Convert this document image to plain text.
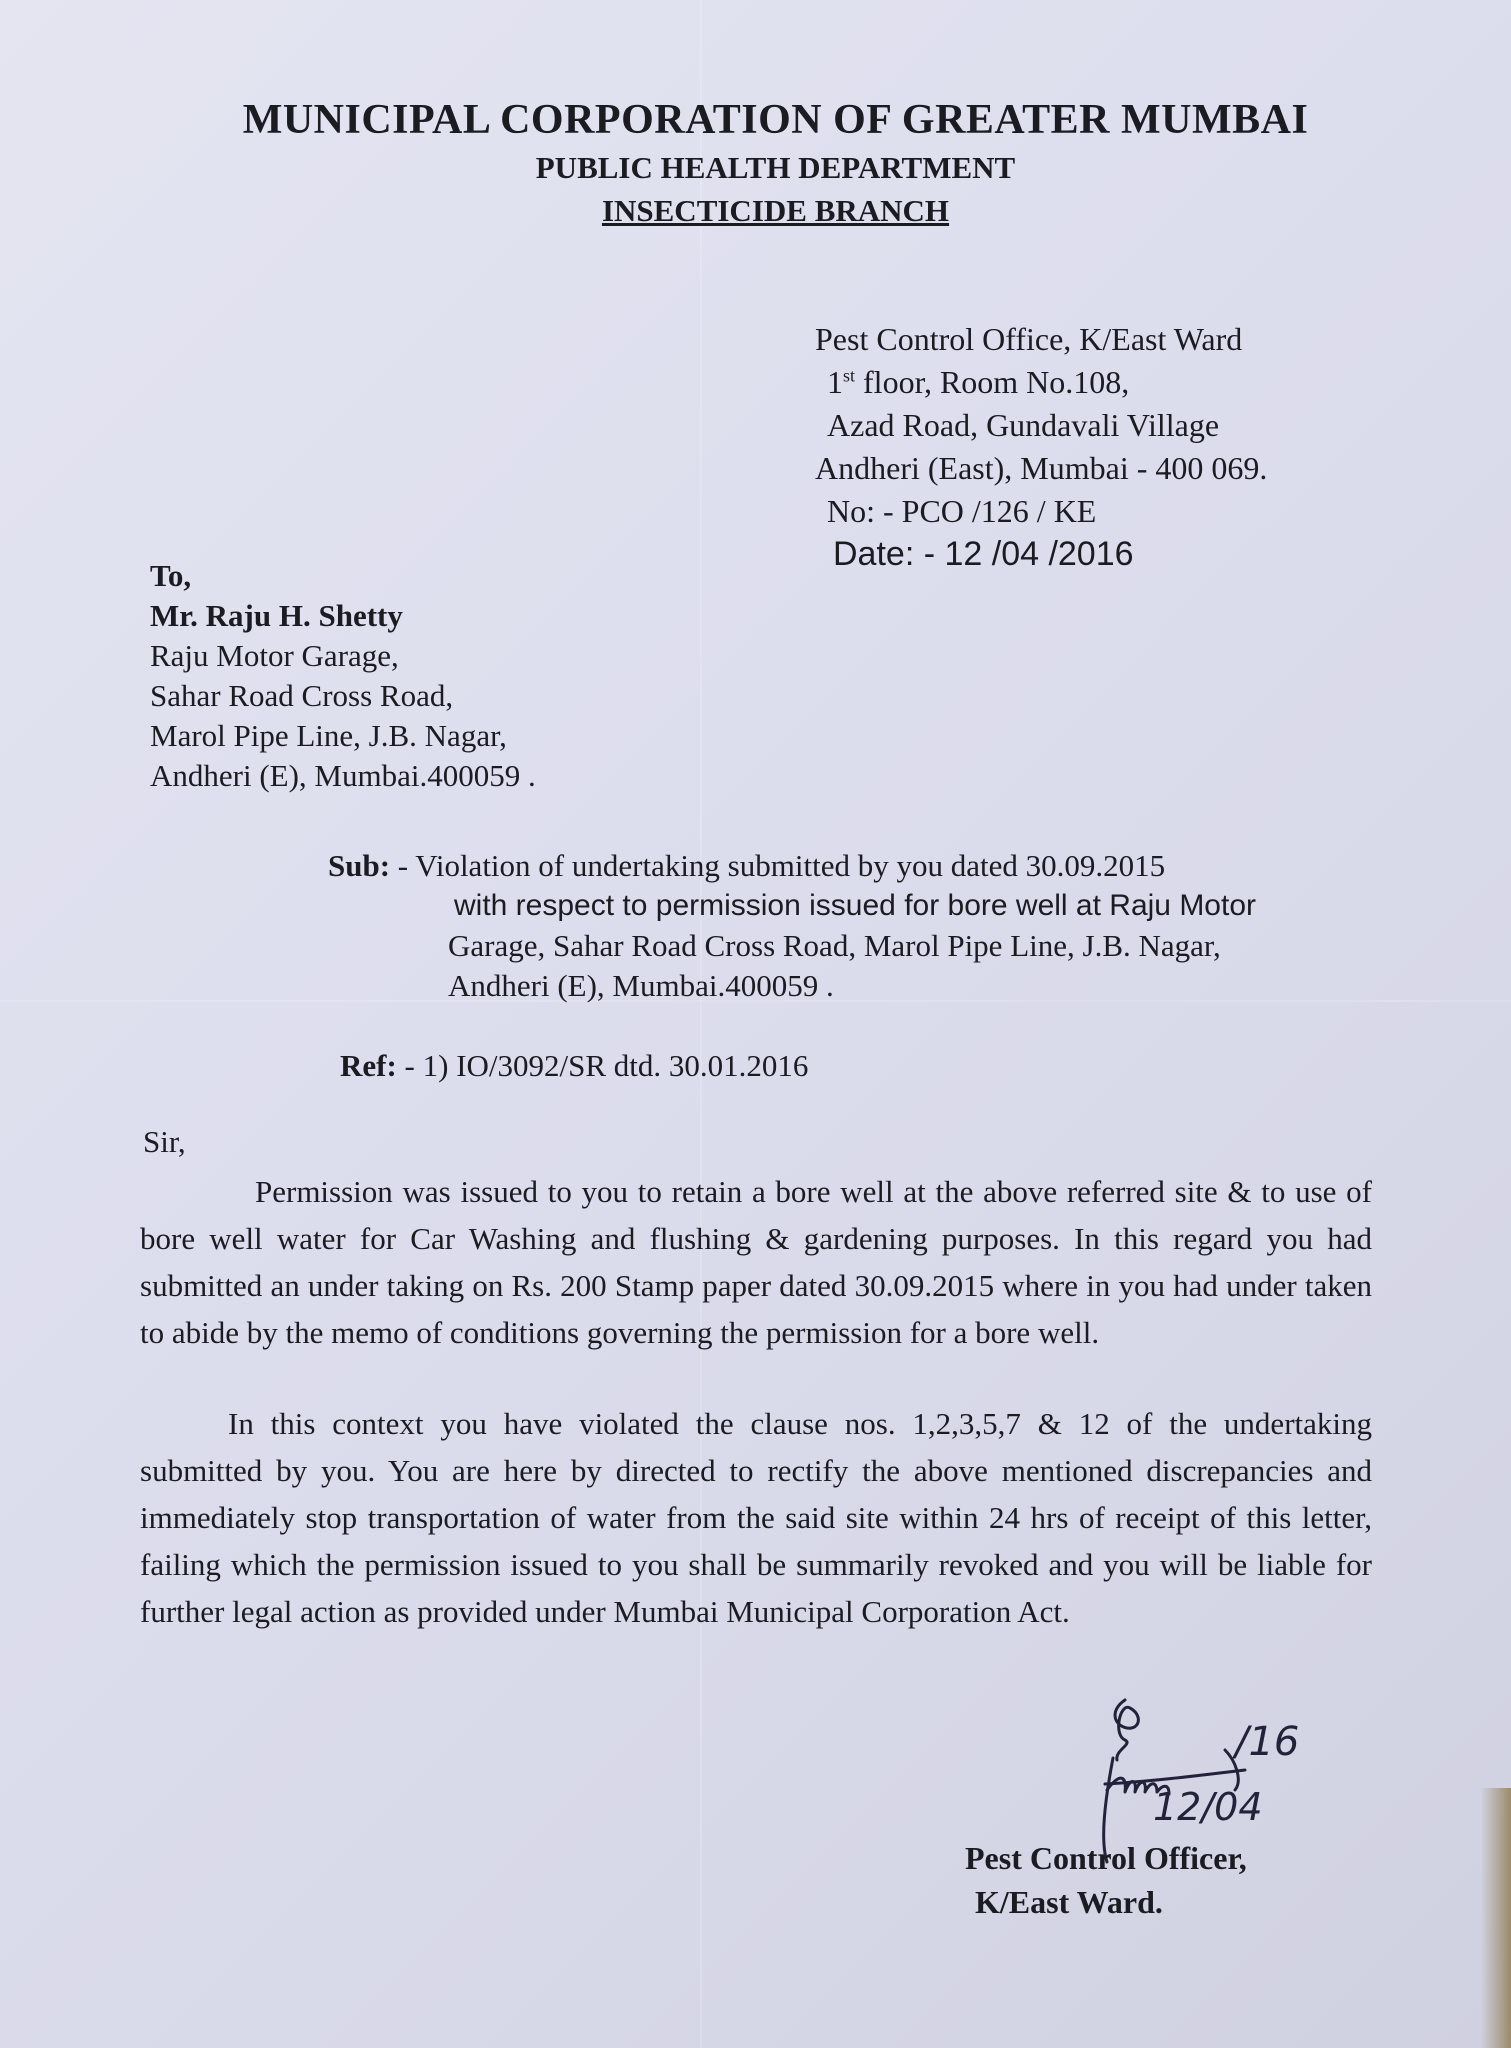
MUNICIPAL CORPORATION OF GREATER MUMBAI
PUBLIC HEALTH DEPARTMENT
INSECTICIDE BRANCH
Pest Control Office, K/East Ward
1st floor, Room No.108,
Azad Road, Gundavali Village
Andheri (East), Mumbai - 400 069.
No: - PCO /126 / KE
Date: - 12 /04 /2016
To,
Mr. Raju H. Shetty
Raju Motor Garage,
Sahar Road Cross Road,
Marol Pipe Line, J.B. Nagar,
Andheri (E), Mumbai.400059 .
Sub: - Violation of undertaking submitted by you dated 30.09.2015
with respect to permission issued for bore well at Raju Motor
Garage, Sahar Road Cross Road, Marol Pipe Line, J.B. Nagar,
Andheri (E), Mumbai.400059 .
Ref: - 1) IO/3092/SR dtd. 30.01.2016
Sir,

Permission was issued to you to retain a bore well at the above referred site & to use of bore well water for Car Washing and flushing & gardening purposes. In this regard you had submitted an under taking on Rs. 200 Stamp paper dated 30.09.2015 where in you had under taken to abide by the memo of conditions governing the permission for a bore well.

In this context you have violated the clause nos. 1,2,3,5,7 & 12 of the undertaking submitted by you. You are here by directed to rectify the above mentioned discrepancies and immediately stop transportation of water from the said site within 24 hrs of receipt of this letter, failing which the permission issued to you shall be summarily revoked and you will be liable for further legal action as provided under Mumbai Municipal Corporation Act.

/16
12/04
Pest Control Officer,
K/East Ward.
